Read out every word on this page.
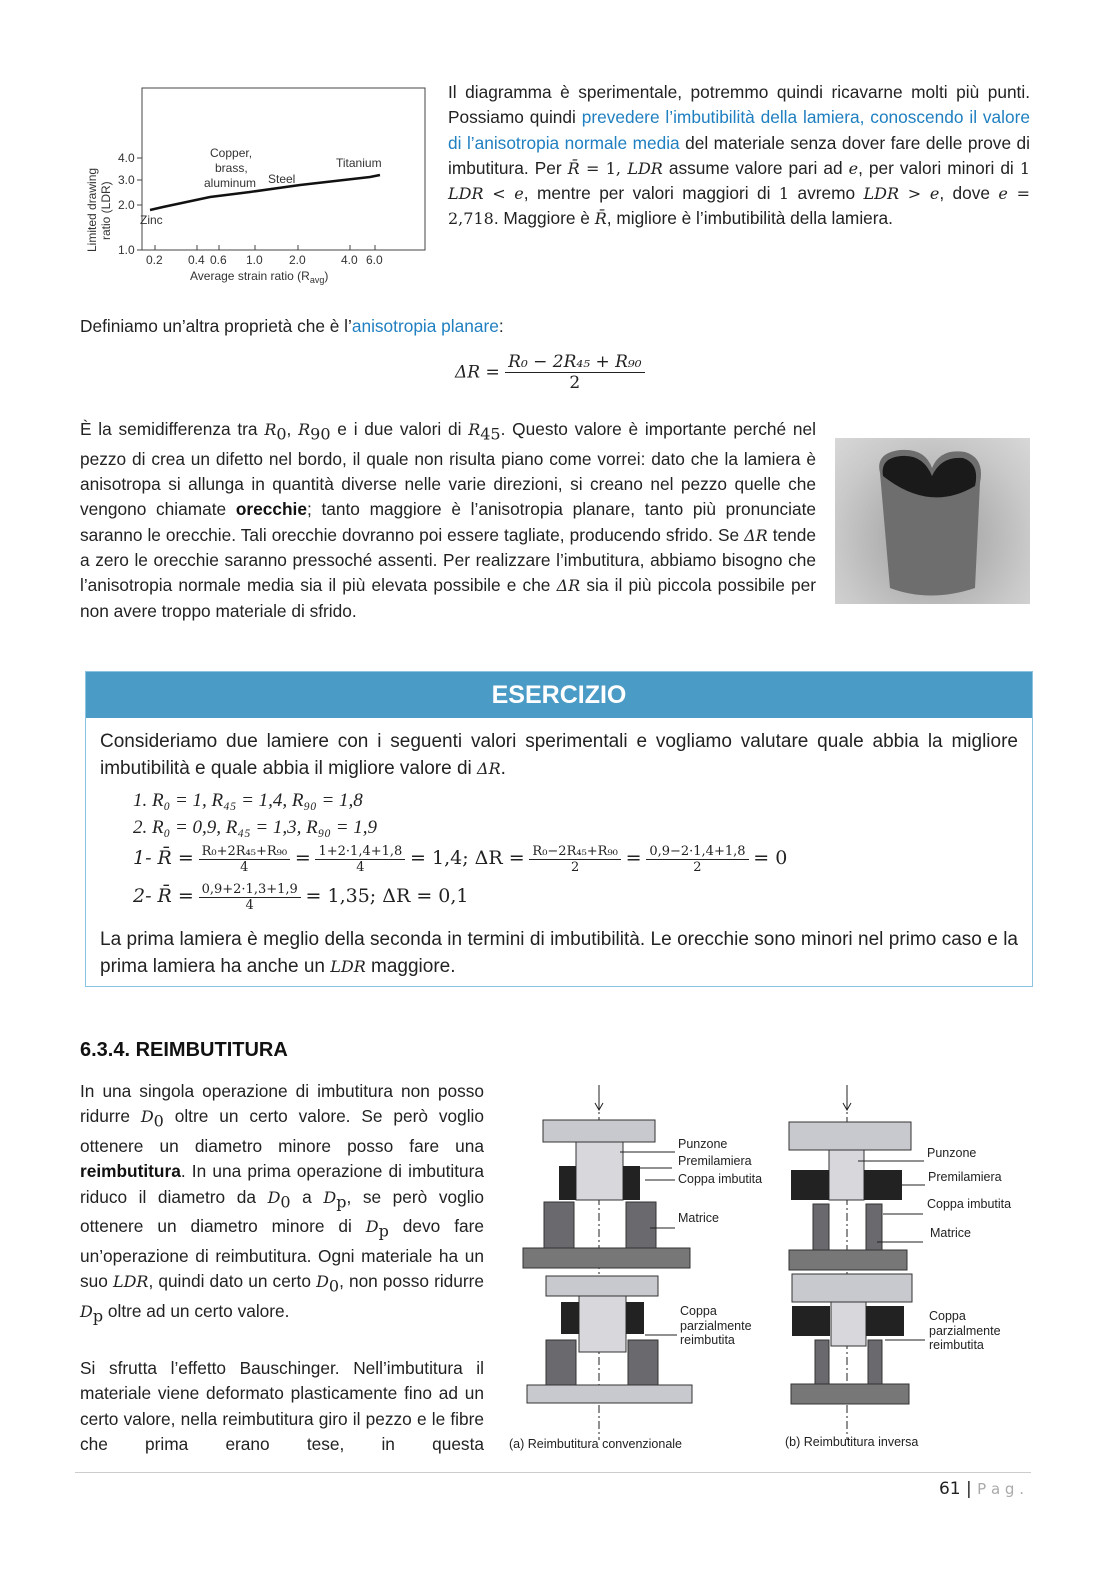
1.0
2.0
3.0
4.0
0.2 0.4 0.6 1.0 2.0	4.0 6.0
Zinc
Copper,
brass,
aluminum Steel
Titanium
Average strain ratio $(R_{avg})$
Limited drawing ratio (LDR)
Il diagramma è sperimentale, potremmo quindi ricavarne molti più punti. Possiamo quindi prevedere l’imbutibilità della lamiera, conoscendo il valore di l’anisotropia normale media del materiale senza dover fare delle prove di imbutitura. Per R̄ = 1, LDR assume valore pari ad e, per valori minori di 1 LDR < e, mentre per valori maggiori di 1 avremo LDR > e, dove e = 2,718. Maggiore è R̄, migliore è l’imbutibilità della lamiera.
Definiamo un’altra proprietà che è l’anisotropia planare:
$\Delta R = \frac{\text{R₀ − 2R₄₅ + R₉₀}}{2}$
È la semidifferenza tra $R_0$, $R_{90}$ e i due valori di $R_{45}$. Questo valore è importante perché nel pezzo di crea un difetto nel bordo, il quale non risulta piano come vorrei: dato che la lamiera è anisotropa si allunga in quantità diverse nelle varie direzioni, si creano nel pezzo quelle che vengono chiamate orecchie; tanto maggiore è l’anisotropia planare, tanto più pronunciate saranno le orecchie. Tali orecchie dovranno poi essere tagliate, producendo sfrido. Se ΔR tende a zero le orecchie saranno pressoché assenti. Per realizzare l’imbutitura, abbiamo bisogno che l’anisotropia normale media sia il più elevata possibile e che ΔR sia il più piccola possibile per non avere troppo materiale di sfrido.
ESERCIZIO
Consideriamo due lamiere con i seguenti valori sperimentali e vogliamo valutare quale abbia la migliore imbutibilità e quale abbia il migliore valore di ΔR.
1. R₀ = 1, R₄₅ = 1,4, R₉₀ = 1,8
2. R₀ = 0,9, R₄₅ = 1,3, R₉₀ = 1,9
1- R̄ = $\frac{\text{R₀+2R₄₅+R₉₀}}{4} = \frac{1+2\cdot 1,4+1,8}{4} = 1,4$; $\Delta R = \frac{\text{R₀−2R₄₅+R₉₀}}{2} = \frac{0,9-2\cdot 1,4+1,8}{2} = 0$
2- R̄ = $\frac{0,9+2\cdot 1,3+1,9}{4} = 1,35$; ΔR = 0,1
La prima lamiera è meglio della seconda in termini di imbutibilità. Le orecchie sono minori nel primo caso e la prima lamiera ha anche un LDR maggiore.
6.3.4. REIMBUTITURA
In una singola operazione di imbutitura non posso ridurre $D_0$ oltre un certo valore. Se però voglio ottenere un diametro minore posso fare una reimbutitura. In una prima operazione di imbutitura riduco il diametro da $D_0$ a $D_p$, se però voglio ottenere un diametro minore di $D_p$ devo fare un’operazione di reimbutitura. Ogni materiale ha un suo LDR, quindi dato un certo $D_0$, non posso ridurre $D_p$ oltre ad un certo valore.
Si sfrutta l’effetto Bauschinger. Nell’imbutitura il materiale viene deformato plasticamente fino ad un certo valore, nella reimbutitura giro il pezzo e le fibre che prima erano tese, in questa
Punzone
Premilamiera
Coppa imbutita
Matrice
Coppa
parzialmente
reimbutita
(a) Reimbutitura convenzionale
Punzone
Premilamiera
Coppa imbutita
Matrice
Coppa
parzialmente
reimbutita
(b) Reimbutitura inversa
61 | P a g .
